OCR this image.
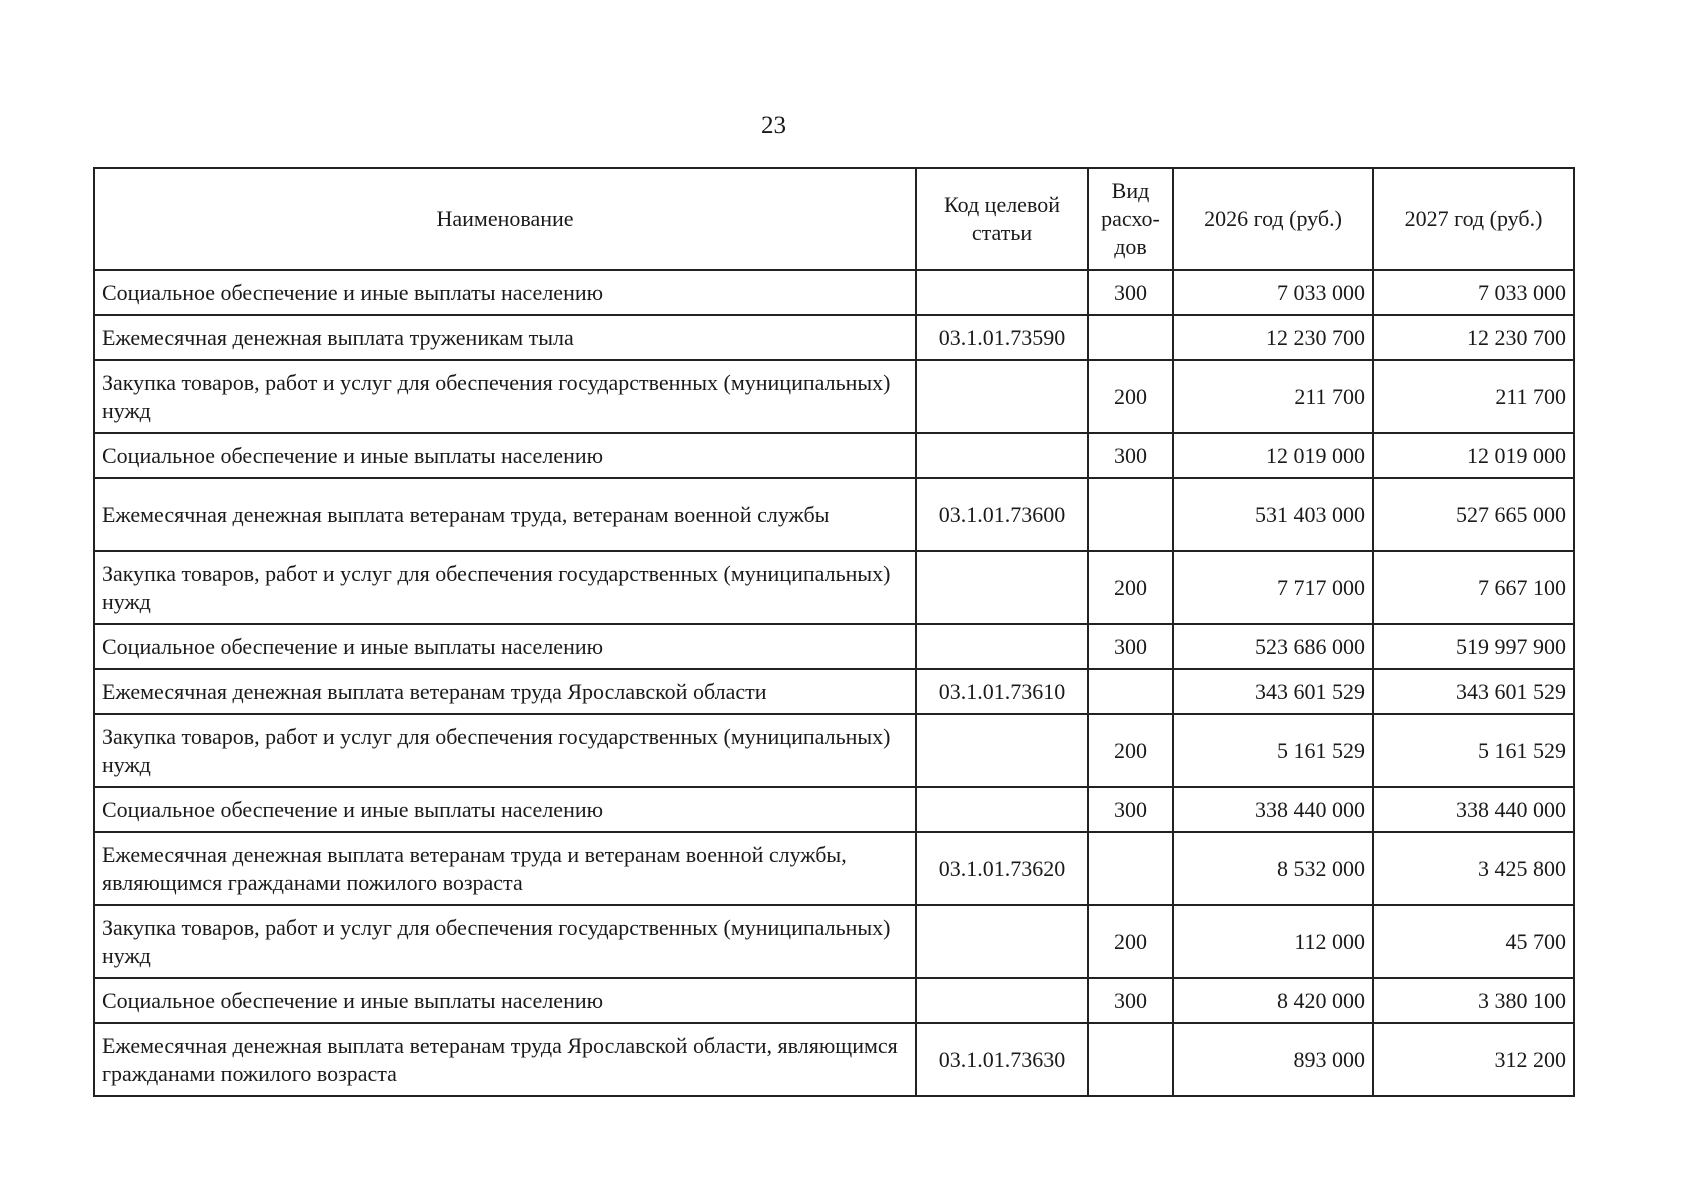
23
Наименование	Код целевой статьи	Вид расхо-дов	2026 год (руб.)	2027 год (руб.)
Социальное обеспечение и иные выплаты населению		300	7 033 000	7 033 000
Ежемесячная денежная выплата труженикам тыла	03.1.01.73590		12 230 700	12 230 700
Закупка товаров, работ и услуг для обеспечения государственных (муниципальных) нужд		200	211 700	211 700
Социальное обеспечение и иные выплаты населению		300	12 019 000	12 019 000
Ежемесячная денежная выплата ветеранам труда, ветеранам военной службы	03.1.01.73600		531 403 000	527 665 000
Закупка товаров, работ и услуг для обеспечения государственных (муниципальных) нужд		200	7 717 000	7 667 100
Социальное обеспечение и иные выплаты населению		300	523 686 000	519 997 900
Ежемесячная денежная выплата ветеранам труда Ярославской области	03.1.01.73610		343 601 529	343 601 529
Закупка товаров, работ и услуг для обеспечения государственных (муниципальных) нужд		200	5 161 529	5 161 529
Социальное обеспечение и иные выплаты населению		300	338 440 000	338 440 000
Ежемесячная денежная выплата ветеранам труда и ветеранам военной службы, являющимся гражданами пожилого возраста	03.1.01.73620		8 532 000	3 425 800
Закупка товаров, работ и услуг для обеспечения государственных (муниципальных) нужд		200	112 000	45 700
Социальное обеспечение и иные выплаты населению		300	8 420 000	3 380 100
Ежемесячная денежная выплата ветеранам труда Ярославской области, являющимся гражданами пожилого возраста	03.1.01.73630		893 000	312 200
